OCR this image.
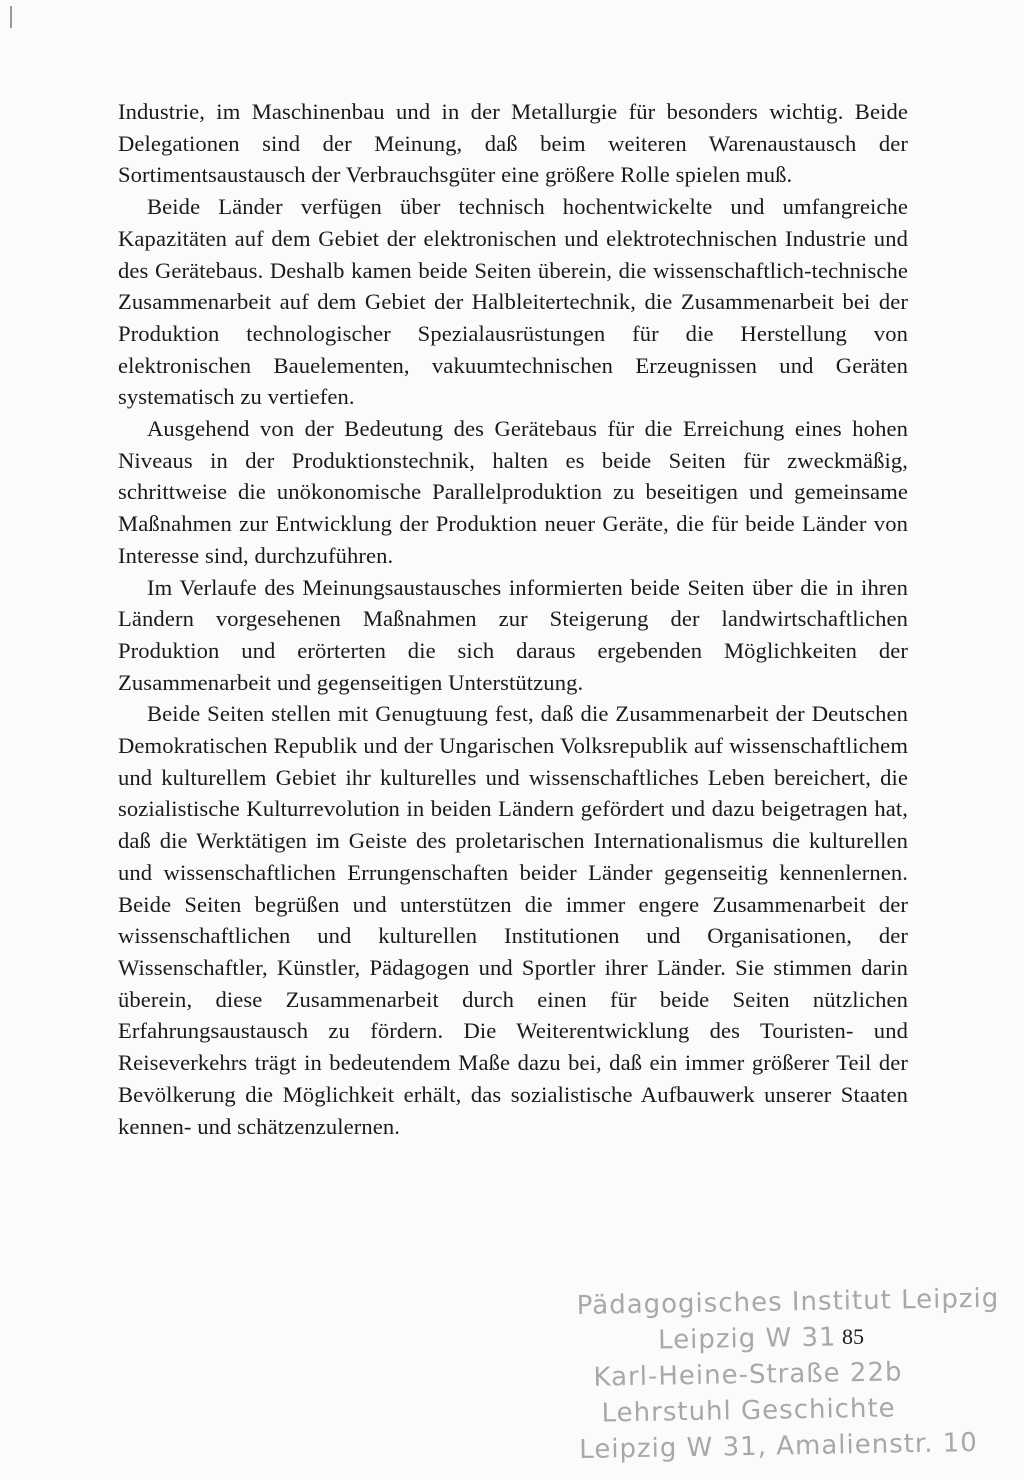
Industrie, im Maschinenbau und in der Metallurgie für besonders wichtig. Beide Delegationen sind der Meinung, daß beim weiteren Warenaustausch der Sortimentsaustausch der Verbrauchsgüter eine größere Rolle spielen muß.

Beide Länder verfügen über technisch hochentwickelte und umfangreiche Kapazitäten auf dem Gebiet der elektronischen und elektrotechnischen Industrie und des Gerätebaus. Deshalb kamen beide Seiten überein, die wissenschaftlich-technische Zusammenarbeit auf dem Gebiet der Halbleitertechnik, die Zusammenarbeit bei der Produktion technologischer Spezialausrüstungen für die Herstellung von elektronischen Bauelementen, vakuumtechnischen Erzeugnissen und Geräten systematisch zu vertiefen.

Ausgehend von der Bedeutung des Gerätebaus für die Erreichung eines hohen Niveaus in der Produktionstechnik, halten es beide Seiten für zweckmäßig, schrittweise die unökonomische Parallelproduktion zu beseitigen und gemeinsame Maßnahmen zur Entwicklung der Produktion neuer Geräte, die für beide Länder von Interesse sind, durchzuführen.

Im Verlaufe des Meinungsaustausches informierten beide Seiten über die in ihren Ländern vorgesehenen Maßnahmen zur Steigerung der landwirtschaftlichen Produktion und erörterten die sich daraus ergebenden Möglichkeiten der Zusammenarbeit und gegenseitigen Unterstützung.

Beide Seiten stellen mit Genugtuung fest, daß die Zusammenarbeit der Deutschen Demokratischen Republik und der Ungarischen Volksrepublik auf wissenschaftlichem und kulturellem Gebiet ihr kulturelles und wissenschaftliches Leben bereichert, die sozialistische Kulturrevolution in beiden Ländern gefördert und dazu beigetragen hat, daß die Werktätigen im Geiste des proletarischen Internationalismus die kulturellen und wissenschaftlichen Errungenschaften beider Länder gegenseitig kennenlernen. Beide Seiten begrüßen und unterstützen die immer engere Zusammenarbeit der wissenschaftlichen und kulturellen Institutionen und Organisationen, der Wissenschaftler, Künstler, Pädagogen und Sportler ihrer Länder. Sie stimmen darin überein, diese Zusammenarbeit durch einen für beide Seiten nützlichen Erfahrungsaustausch zu fördern. Die Weiterentwicklung des Touristen- und Reiseverkehrs trägt in bedeutendem Maße dazu bei, daß ein immer größerer Teil der Bevölkerung die Möglichkeit erhält, das sozialistische Aufbauwerk unserer Staaten kennen- und schätzenzulernen.

85
Pädagogisches Institut Leipzig
Leipzig W 31
Karl-Heine-Straße 22b
Lehrstuhl Geschichte
Leipzig W 31, Amalienstr. 10
